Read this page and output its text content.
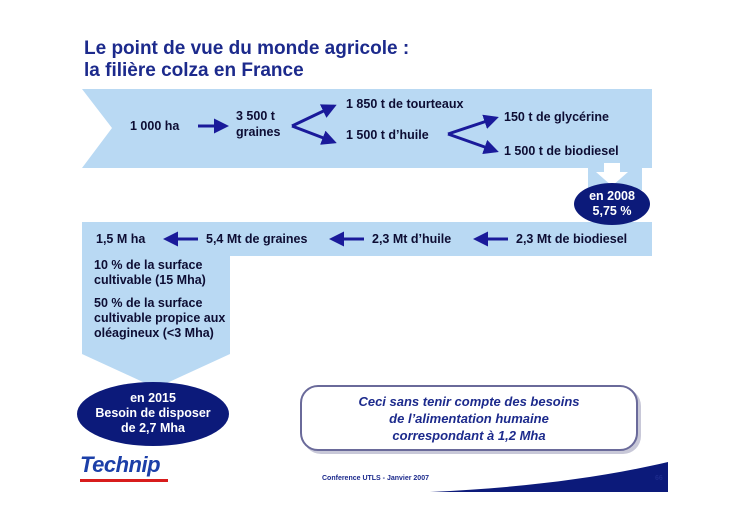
Le point de vue du monde agricole :
la filière colza en France
1 000 ha
3 500 t
graines
1 850 t de tourteaux
1 500 t d’huile
150 t de glycérine
1 500 t de biodiesel
en 2008
5,75 %
1,5 M ha	5,4 Mt de graines	2,3 Mt d’huile	2,3 Mt de biodiesel
10 % de la surface cultivable (15 Mha)
50 % de la surface cultivable propice aux oléagineux (<3 Mha)
en 2015
Besoin de disposer
de 2,7 Mha
Ceci sans tenir compte des besoins
de l’alimentation humaine
correspondant à 1,2 Mha
Technip
Conference UTLS - Janvier 2007	66
